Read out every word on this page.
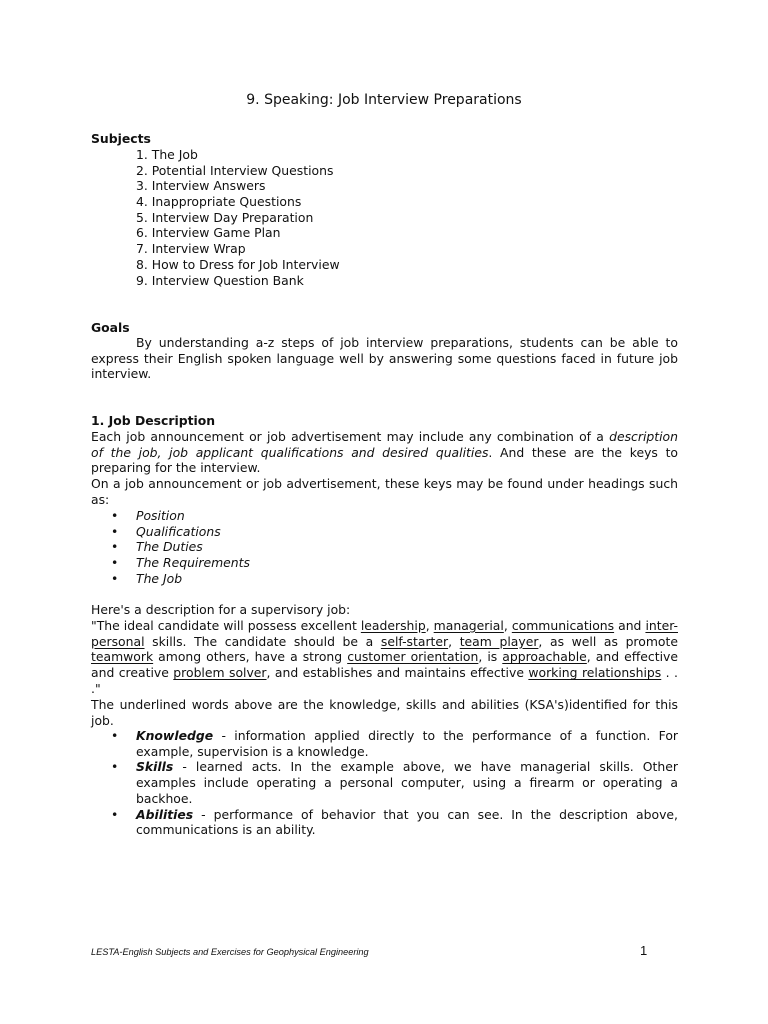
9. Speaking: Job Interview Preparations
Subjects
1. The Job
2. Potential Interview Questions
3. Interview Answers
4. Inappropriate Questions
5. Interview Day Preparation
6. Interview Game Plan
7. Interview Wrap
8. How to Dress for Job Interview
9. Interview Question Bank
Goals

By understanding a-z steps of job interview preparations, students can be able to express their English spoken language well by answering some questions faced in future job interview.

1. Job Description

Each job announcement or job advertisement may include any combination of a description of the job, job applicant qualifications and desired qualities. And these are the keys to preparing for the interview.

On a job announcement or job advertisement, these keys may be found under headings such as:

• Position
• Qualifications
• The Duties
• The Requirements
• The Job

Here's a description for a supervisory job:

"The ideal candidate will possess excellent leadership, managerial, communications and inter-personal skills. The candidate should be a self-starter, team player, as well as promote teamwork among others, have a strong customer orientation, is approachable, and effective and creative problem solver, and establishes and maintains effective working relationships . . ."

The underlined words above are the knowledge, skills and abilities (KSA's)identified for this job.

• Knowledge - information applied directly to the performance of a function. For example, supervision is a knowledge.
• Skills - learned acts. In the example above, we have managerial skills. Other examples include operating a personal computer, using a firearm or operating a backhoe.
• Abilities - performance of behavior that you can see. In the description above, communications is an ability.
LESTA-English Subjects and Exercises for Geophysical Engineering	1
